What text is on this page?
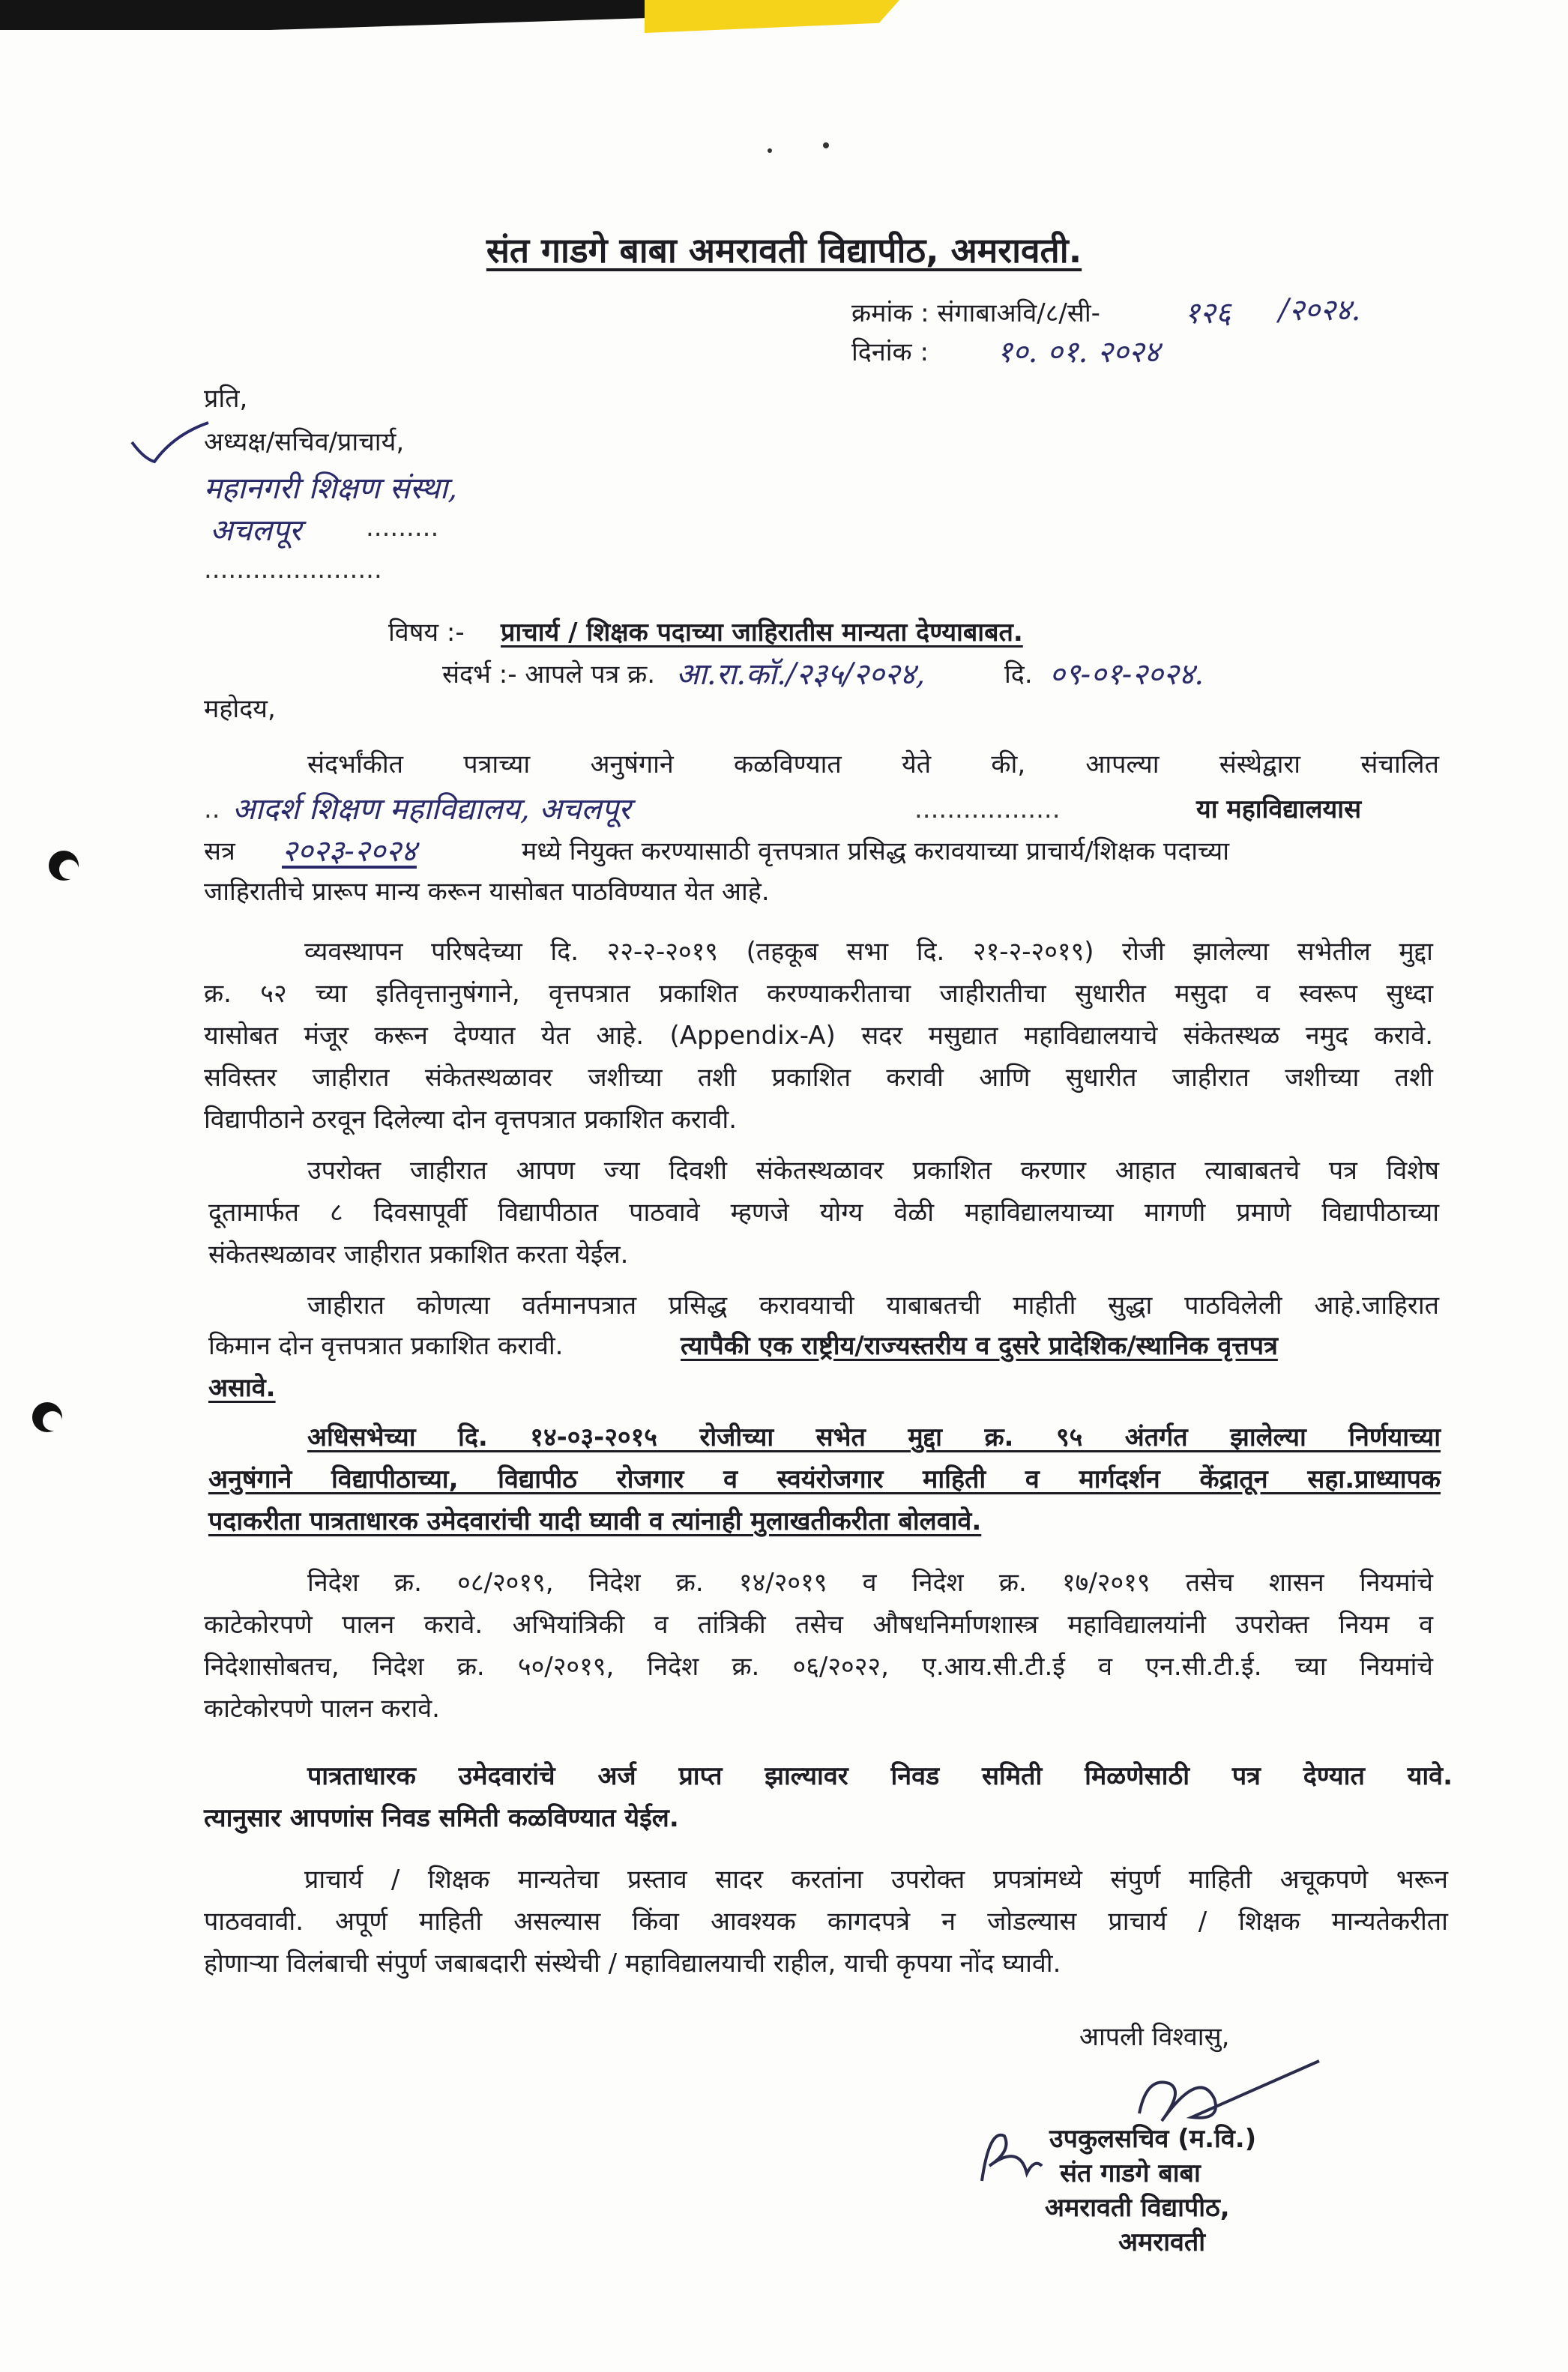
संत गाडगे बाबा अमरावती विद्यापीठ, अमरावती.
क्रमांक : संगाबाअवि/८/सी-	१२६ /२०२४.
दिनांक : १०. ०१. २०२४
प्रति,
अध्यक्ष/सचिव/प्राचार्य,
महानगरी शिक्षण संस्था,
अचलपूर	.........
......................
विषय :- प्राचार्य / शिक्षक पदाच्या जाहिरातीस मान्यता देण्याबाबत.
संदर्भ :- आपले पत्र क्र. आ.रा.कॉ./२३५/२०२४,	दि. ०९-०१-२०२४.
महोदय,
संदर्भांकीत पत्राच्या अनुषंगाने कळविण्यात येते की, आपल्या संस्थेद्वारा संचालित
.. आदर्श शिक्षण महाविद्यालय, अचलपूर	..................	या महाविद्यालयास
सत्र २०२३-२०२४	मध्ये नियुक्त करण्यासाठी वृत्तपत्रात प्रसिद्ध करावयाच्या प्राचार्य/शिक्षक पदाच्या
जाहिरातीचे प्रारूप मान्य करून यासोबत पाठविण्यात येत आहे.
व्यवस्थापन परिषदेच्या दि. २२-२-२०१९ (तहकूब सभा दि. २१-२-२०१९) रोजी झालेल्या सभेतील मुद्दा
क्र. ५२ च्या इतिवृत्तानुषंगाने, वृत्तपत्रात प्रकाशित करण्याकरीताचा जाहीरातीचा सुधारीत मसुदा व स्वरूप सुध्दा
यासोबत मंजूर करून देण्यात येत आहे. (Appendix-A) सदर मसुद्यात महाविद्यालयाचे संकेतस्थळ नमुद करावे.
सविस्तर जाहीरात संकेतस्थळावर जशीच्या तशी प्रकाशित करावी आणि सुधारीत जाहीरात जशीच्या तशी
विद्यापीठाने ठरवून दिलेल्या दोन वृत्तपत्रात प्रकाशित करावी.
उपरोक्त जाहीरात आपण ज्या दिवशी संकेतस्थळावर प्रकाशित करणार आहात त्याबाबतचे पत्र विशेष
दूतामार्फत ८ दिवसापूर्वी विद्यापीठात पाठवावे म्हणजे योग्य वेळी महाविद्यालयाच्या मागणी प्रमाणे विद्यापीठाच्या
संकेतस्थळावर जाहीरात प्रकाशित करता येईल.
जाहीरात कोणत्या वर्तमानपत्रात प्रसिद्ध करावयाची याबाबतची माहीती सुद्धा पाठविलेली आहे.जाहिरात
किमान दोन वृत्तपत्रात प्रकाशित करावी.	त्यापैकी एक राष्ट्रीय/राज्यस्तरीय व दुसरे प्रादेशिक/स्थानिक वृत्तपत्र
असावे.
अधिसभेच्या दि. १४-०३-२०१५ रोजीच्या सभेत मुद्दा क्र. ९५ अंतर्गत झालेल्या निर्णयाच्या
अनुषंगाने विद्यापीठाच्या, विद्यापीठ रोजगार व स्वयंरोजगार माहिती व मार्गदर्शन केंद्रातून सहा.प्राध्यापक
पदाकरीता पात्रताधारक उमेदवारांची यादी घ्यावी व त्यांनाही मुलाखतीकरीता बोलवावे.
निदेश क्र. ०८/२०१९, निदेश क्र. १४/२०१९ व निदेश क्र. १७/२०१९ तसेच शासन नियमांचे
काटेकोरपणे पालन करावे. अभियांत्रिकी व तांत्रिकी तसेच औषधनिर्माणशास्त्र महाविद्यालयांनी उपरोक्त नियम व
निदेशासोबतच, निदेश क्र. ५०/२०१९, निदेश क्र. ०६/२०२२, ए.आय.सी.टी.ई व एन.सी.टी.ई. च्या नियमांचे
काटेकोरपणे पालन करावे.
पात्रताधारक उमेदवारांचे अर्ज प्राप्त झाल्यावर निवड समिती मिळणेसाठी पत्र देण्यात यावे.
त्यानुसार आपणांस निवड समिती कळविण्यात येईल.
प्राचार्य / शिक्षक मान्यतेचा प्रस्ताव सादर करतांना उपरोक्त प्रपत्रांमध्ये संपुर्ण माहिती अचूकपणे भरून
पाठववावी. अपूर्ण माहिती असल्यास किंवा आवश्यक कागदपत्रे न जोडल्यास प्राचार्य / शिक्षक मान्यतेकरीता
होणाऱ्या विलंबाची संपुर्ण जबाबदारी संस्थेची / महाविद्यालयाची राहील, याची कृपया नोंद घ्यावी.
आपली विश्वासु,
उपकुलसचिव (म.वि.)
संत गाडगे बाबा
अमरावती विद्यापीठ,
अमरावती
